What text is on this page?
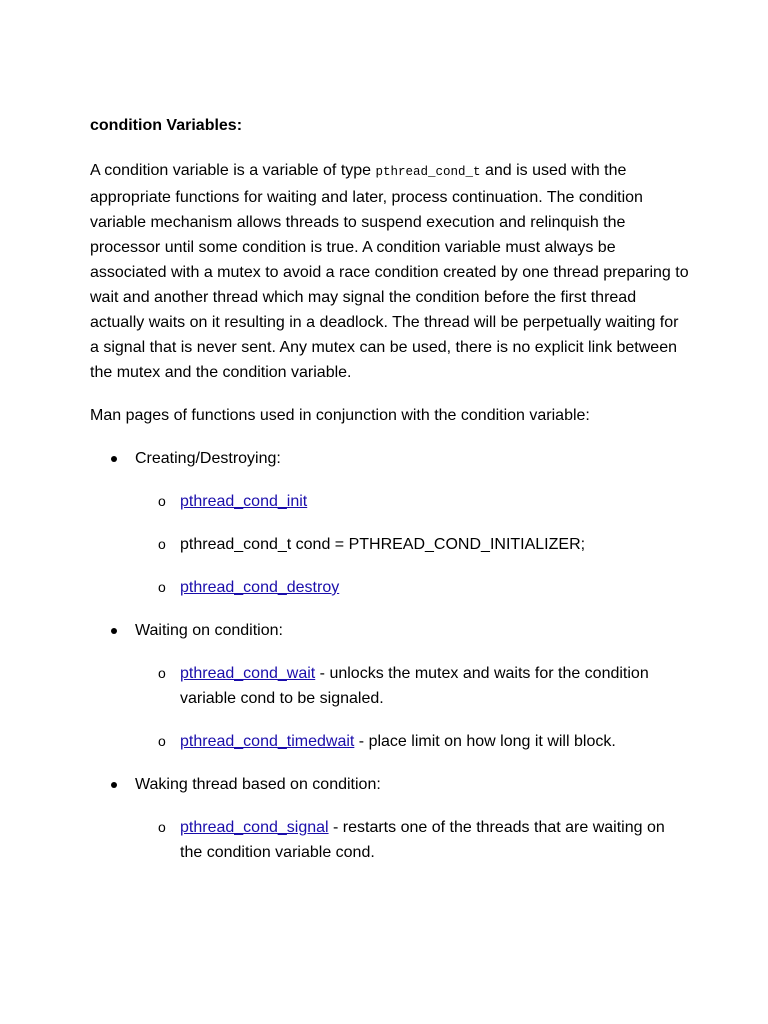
condition Variables:

A condition variable is a variable of type pthread_cond_t and is used with the appropriate functions for waiting and later, process continuation. The condition variable mechanism allows threads to suspend execution and relinquish the processor until some condition is true. A condition variable must always be associated with a mutex to avoid a race condition created by one thread preparing to wait and another thread which may signal the condition before the first thread actually waits on it resulting in a deadlock. The thread will be perpetually waiting for a signal that is never sent. Any mutex can be used, there is no explicit link between the mutex and the condition variable.

Man pages of functions used in conjunction with the condition variable:

Creating/Destroying:
o pthread_cond_init
o pthread_cond_t cond = PTHREAD_COND_INITIALIZER;
o pthread_cond_destroy
Waiting on condition:
o pthread_cond_wait - unlocks the mutex and waits for the condition variable cond to be signaled.
o pthread_cond_timedwait - place limit on how long it will block.
Waking thread based on condition:
o pthread_cond_signal - restarts one of the threads that are waiting on the condition variable cond.
